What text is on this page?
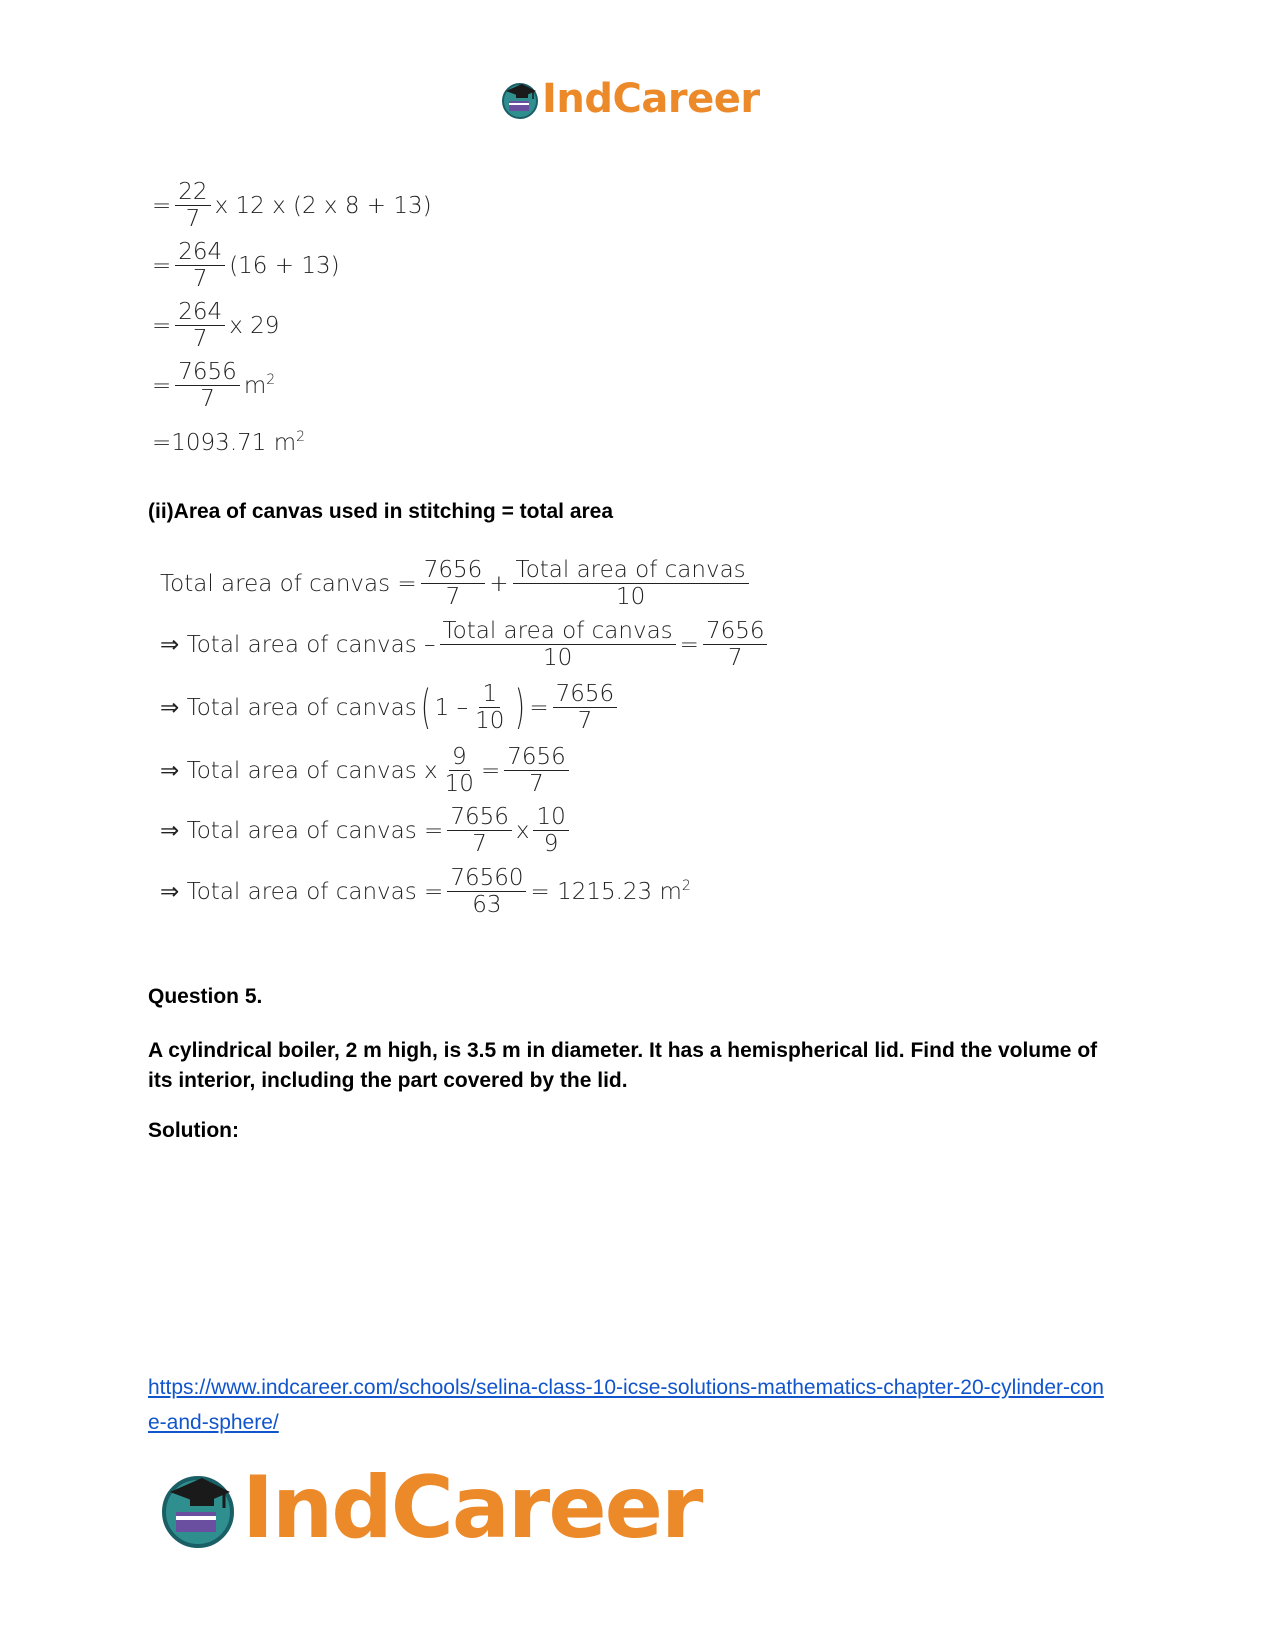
IndCareer
= $\frac{22}{7}$ x 12 x (2 x 8 + 13)
= $\frac{264}{7} (16 + 13)$
= $\frac{264}{7}$ x 29
= $\frac{7656}{7}$ m 2
= 1093.71 m 2
(ii)Area of canvas used in stitching = total area
Total area of canvas = $\frac{7656}{7} + \frac{\text{Total area of canvas}}{10}$
⇒
Total area of canvas – $\frac{\text{Total area of canvas}}{10} = \frac{7656}{7}$
⇒
Total area of canvas ( $1 - \frac{1}{10}$ ) = $\frac{7656}{7}$
⇒
Total area of canvas x $\frac{9}{10} = \frac{7656}{7}$
⇒
Total area of canvas = $\frac{7656}{7}$ x $\frac{10}{9}$
⇒
Total area of canvas = $\frac{76560}{63} = 1215.23$ m 2
Question 5.
A cylindrical boiler, 2 m high, is 3.5 m in diameter. It has a hemispherical lid. Find the volume of its interior, including the part covered by the lid.
Solution:
https://www.indcareer.com/schools/selina-class-10-icse-solutions-mathematics-chapter-20-cylinder-cone-and-sphere/
IndCareer
